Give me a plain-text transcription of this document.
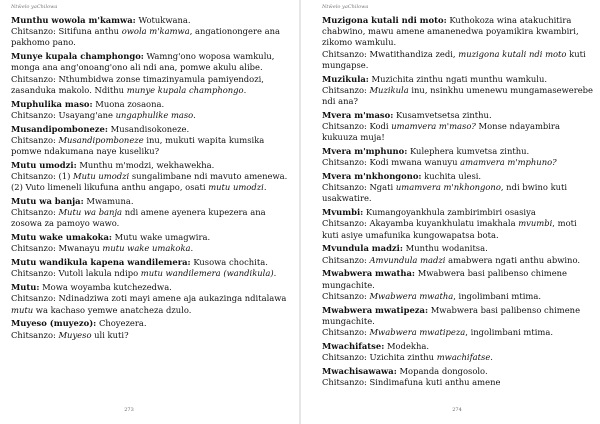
Ntŵelo yaChilowa
Munthu wowola m'kamwa: Wotukwana.
Chitsanzo: Sitifuna anthu owola m'kamwa, angationongere ana pakhomo pano.
Munye kupala champhongo: Wamng'ono woposa wamkulu, monga ana ang'onoang'ono ali ndi ana, pomwe akulu alibe.
Chitsanzo: Nthumbidwa zonse timazinyamula pamiyendozi, zasanduka makolo. Ndithu munye kupala champhongo.
Muphulika maso: Muona zosaona.
Chitsanzo: Usayang'ane ungaphulike maso.
Musandipomboneze: Musandisokoneze.
Chitsanzo: Musandipomboneze inu, mukuti wapita kumsika pomwe ndakumana naye kuseliku?
Mutu umodzi: Munthu m'modzi, wekhawekha.
Chitsanzo: (1) Mutu umodzi sungalimbane ndi mavuto amenewa. (2) Vuto limeneli likufuna anthu angapo, osati mutu umodzi.
Mutu wa banja: Mwamuna.
Chitsanzo: Mutu wa banja ndi amene ayenera kupezera ana zosowa za pamoyo wawo.
Mutu wake umakoka: Mutu wake umagwira.
Chitsanzo: Mwanayu mutu wake umakoka.
Mutu wandikula kapena wandilemera: Kusowa chochita.
Chitsanzo: Vutoli lakula ndipo mutu wandilemera (wandikula).
Mutu: Mowa woyamba kutchezedwa.
Chitsanzo: Ndinadziwa zoti mayi amene aja aukazinga nditalawa mutu wa kachaso yemwe anatcheza dzulo.
Muyeso (muyezo): Choyezera.
Chitsanzo: Muyeso uli kuti?
273
Ntŵelo yaChilowa
Muzigona kutali ndi moto: Kuthokoza wina atakuchitira chabwino, mawu amene amanenedwa poyamikira kwambiri, zikomo wamkulu.
Chitsanzo: Mwatithandiza zedi, muzigona kutali ndi moto kuti mungapse.
Muzikula: Muzichita zinthu ngati munthu wamkulu.
Chitsanzo: Muzikula inu, nsinkhu umenewu mungamasewerebe ndi ana?
Mvera m'maso: Kusamvetsetsa zinthu.
Chitsanzo: Kodi umamvera m'maso? Monse ndayambira kukuuza muja!
Mvera m'mphuno: Kulephera kumvetsa zinthu.
Chitsanzo: Kodi mwana wanuyu amamvera m'mphuno?
Mvera m'nkhongono: kuchita ulesi.
Chitsanzo: Ngati umamvera m'nkhongono, ndi bwino kuti usakwatire.
Mvumbi: Kumangoyankhula zambirimbiri osasiya
Chitsanzo: Akayamba kuyankhulatu imakhala mvumbi, moti kuti asiye umafunika kungowapatsa bota.
Mvundula madzi: Munthu wodanitsa.
Chitsanzo: Amvundula madzi amabwera ngati anthu abwino.
Mwabwera mwatha: Mwabwera basi palibenso chimene mungachite.
Chitsanzo: Mwabwera mwatha, ingolimbani mtima.
Mwabwera mwatipeza: Mwabwera basi palibenso chimene mungachite.
Chitsanzo: Mwabwera mwatipeza, ingolimbani mtima.
Mwachifatse: Modekha.
Chitsanzo: Uzichita zinthu mwachifatse.
Mwachisawawa: Mopanda dongosolo.
Chitsanzo: Sindimafuna kuti anthu amene
274
